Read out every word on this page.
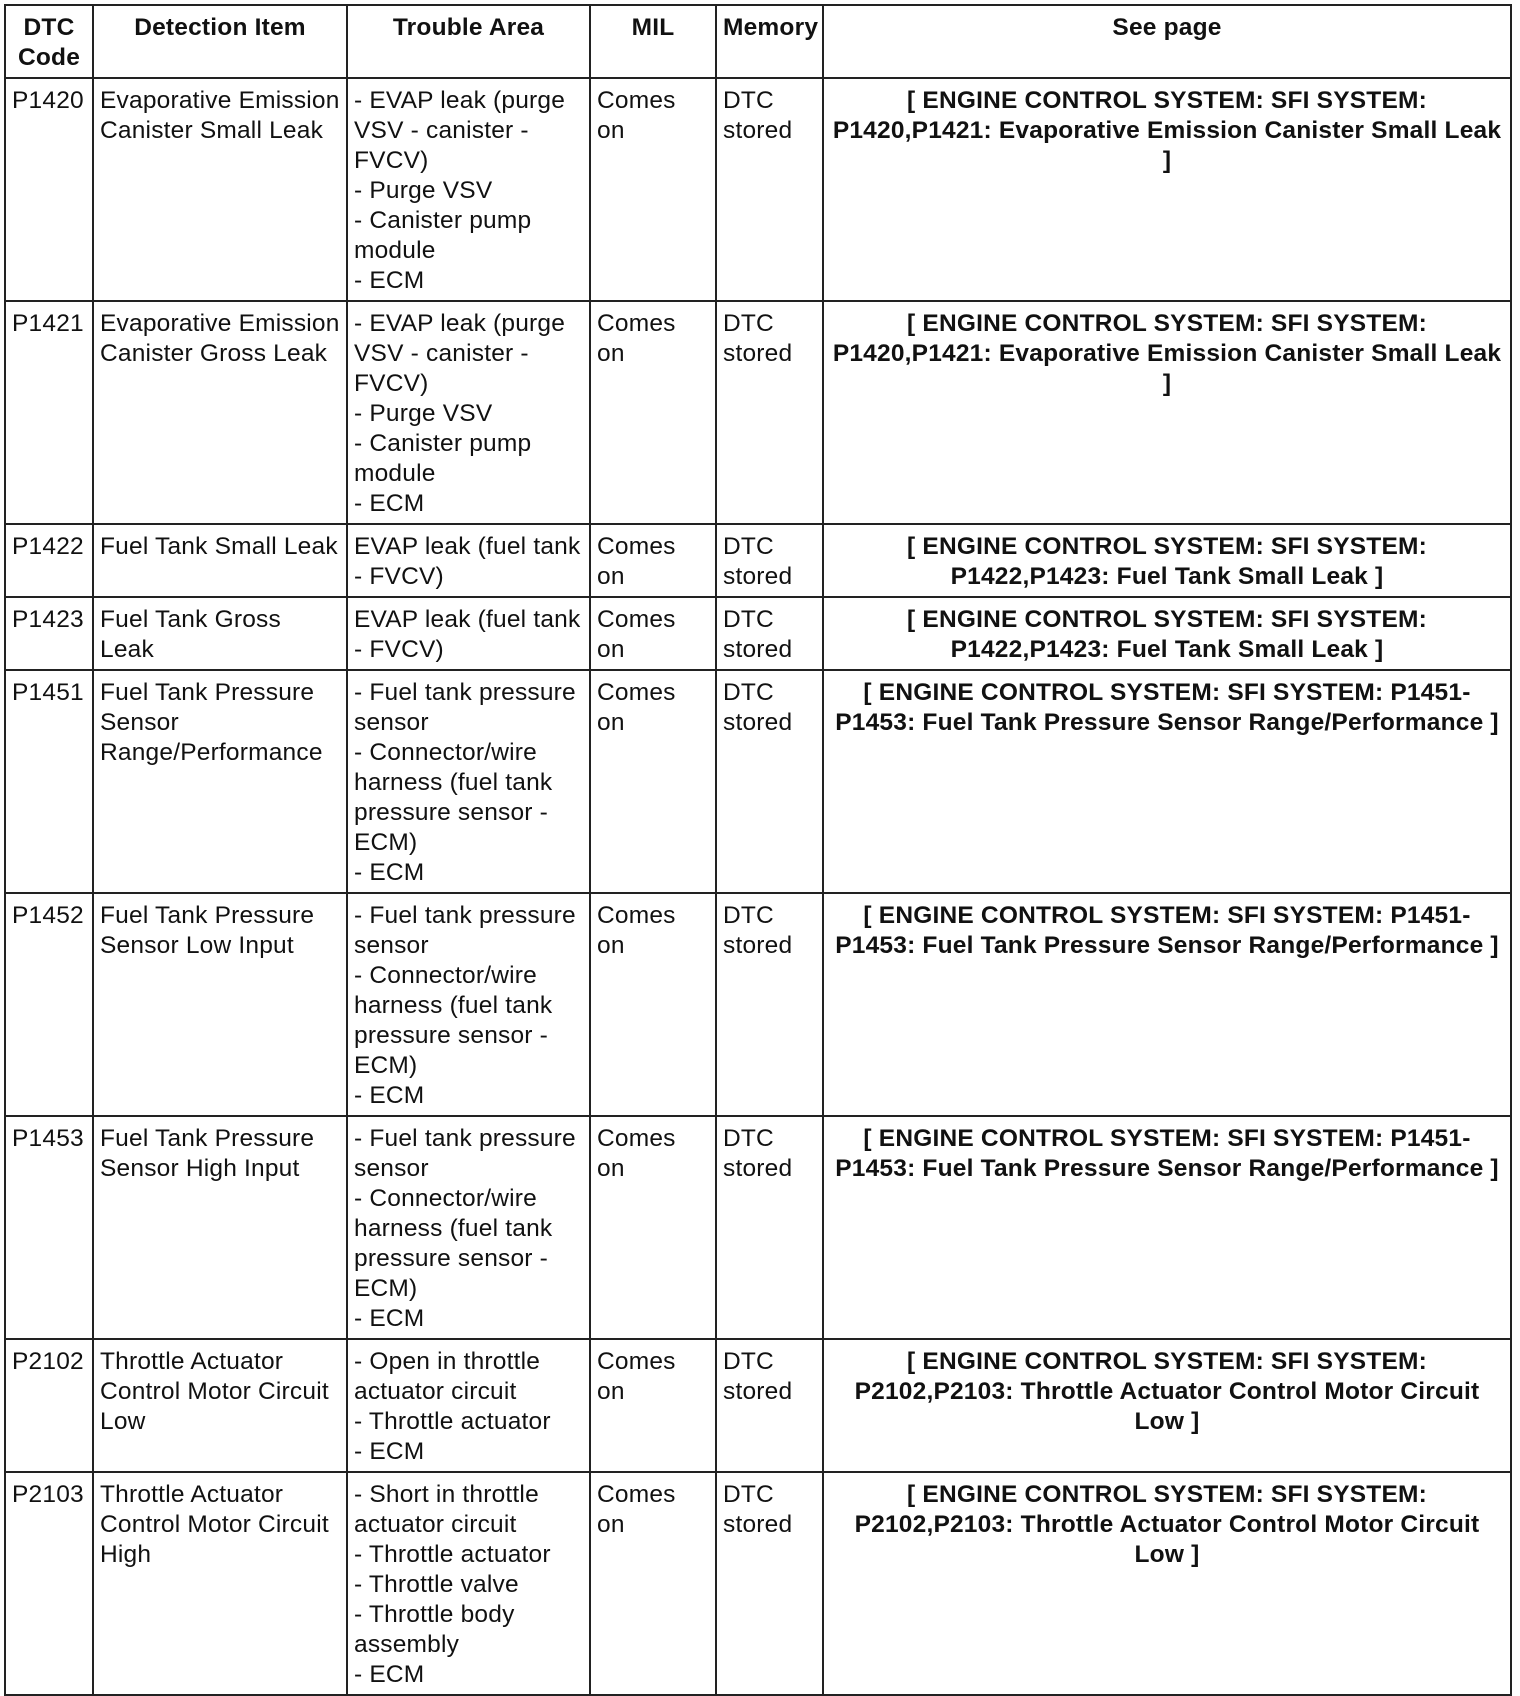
DTC Code	Detection Item	Trouble Area	MIL	Memory	See page
P1420	Evaporative Emission Canister Small Leak	- EVAP leak (purge VSV - canister - FVCV)
- Purge VSV
- Canister pump module
- ECM	Comes on	DTC stored	[ ENGINE CONTROL SYSTEM: SFI SYSTEM: P1420,P1421: Evaporative Emission Canister Small Leak ]
P1421	Evaporative Emission Canister Gross Leak	- EVAP leak (purge VSV - canister - FVCV)
- Purge VSV
- Canister pump module
- ECM	Comes on	DTC stored	[ ENGINE CONTROL SYSTEM: SFI SYSTEM: P1420,P1421: Evaporative Emission Canister Small Leak ]
P1422	Fuel Tank Small Leak	EVAP leak (fuel tank - FVCV)	Comes on	DTC stored	[ ENGINE CONTROL SYSTEM: SFI SYSTEM: P1422,P1423: Fuel Tank Small Leak ]
P1423	Fuel Tank Gross Leak	EVAP leak (fuel tank - FVCV)	Comes on	DTC stored	[ ENGINE CONTROL SYSTEM: SFI SYSTEM: P1422,P1423: Fuel Tank Small Leak ]
P1451	Fuel Tank Pressure Sensor Range/Performance	- Fuel tank pressure sensor
- Connector/wire harness (fuel tank pressure sensor - ECM)
- ECM	Comes on	DTC stored	[ ENGINE CONTROL SYSTEM: SFI SYSTEM: P1451-P1453: Fuel Tank Pressure Sensor Range/Performance ]
P1452	Fuel Tank Pressure Sensor Low Input	- Fuel tank pressure sensor
- Connector/wire harness (fuel tank pressure sensor - ECM)
- ECM	Comes on	DTC stored	[ ENGINE CONTROL SYSTEM: SFI SYSTEM: P1451-P1453: Fuel Tank Pressure Sensor Range/Performance ]
P1453	Fuel Tank Pressure Sensor High Input	- Fuel tank pressure sensor
- Connector/wire harness (fuel tank pressure sensor - ECM)
- ECM	Comes on	DTC stored	[ ENGINE CONTROL SYSTEM: SFI SYSTEM: P1451-P1453: Fuel Tank Pressure Sensor Range/Performance ]
P2102	Throttle Actuator Control Motor Circuit Low	- Open in throttle actuator circuit
- Throttle actuator
- ECM	Comes on	DTC stored	[ ENGINE CONTROL SYSTEM: SFI SYSTEM: P2102,P2103: Throttle Actuator Control Motor Circuit Low ]
P2103	Throttle Actuator Control Motor Circuit High	- Short in throttle actuator circuit
- Throttle actuator
- Throttle valve
- Throttle body assembly
- ECM	Comes on	DTC stored	[ ENGINE CONTROL SYSTEM: SFI SYSTEM: P2102,P2103: Throttle Actuator Control Motor Circuit Low ]
